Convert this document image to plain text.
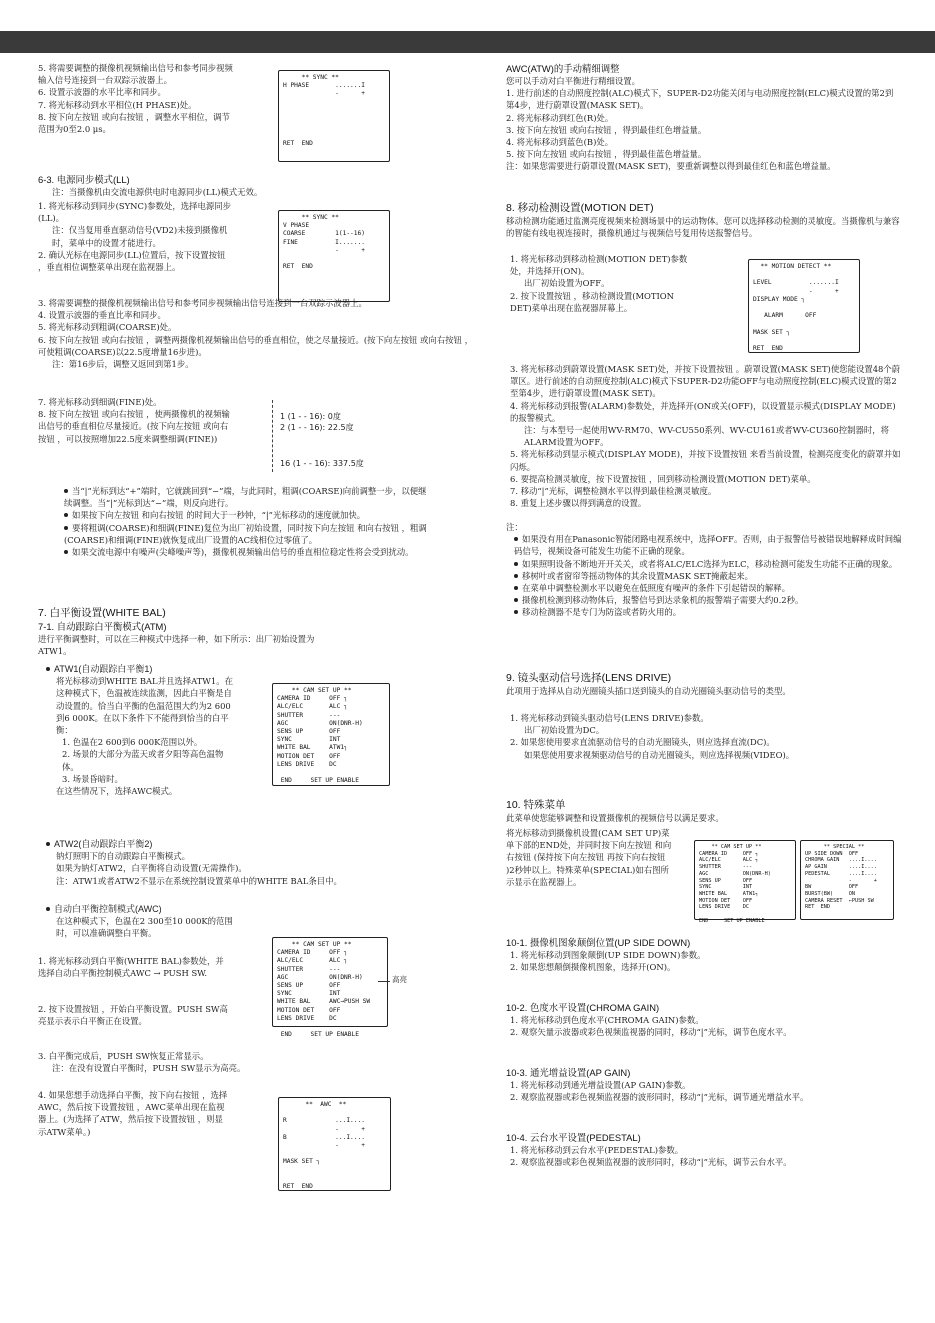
5. 将需要调整的摄像机视频输出信号和参考同步视频输入信号连接到一台双踪示波器上。

6. 设置示波器的水平比率和同步。

7. 将光标移动到水平相位(H PHASE)处。

8. 按下向左按钮 或向右按钮 ，调整水平相位，调节范围为0至2.0 μs。

** SYNC **
H PHASE       .......I
-      +

RET  END

6-3. 电源同步模式(LL)

注：当摄像机由交流电源供电时电源同步(LL)模式无效。

1. 将光标移动到同步(SYNC)参数处，选择电源同步(LL)。

注：仅当复用垂直驱动信号(VD2)未接到摄像机时，菜单中的设置才能进行。

2. 确认光标在电源同步(LL)位置后，按下设置按钮 ，垂直相位调整菜单出现在监视器上。

** SYNC **
V PHASE
COARSE        1(1--16)
FINE          I.......
-      +

RET  END

3. 将需要调整的摄像机视频输出信号和参考同步视频输出信号连接到一台双踪示波器上。

4. 设置示波器的垂直比率和同步。

5. 将光标移动到粗调(COARSE)处。

6. 按下向左按钮 或向右按钮 ，调整两摄像机视频输出信号的垂直相位，使之尽量接近。(按下向左按钮 或向右按钮 ，可使粗调(COARSE)以22.5度增量16步进)。

注：第16步后，调整又返回到第1步。

7. 将光标移动到细调(FINE)处。

8. 按下向左按钮 或向右按钮 ，使两摄像机的视频输出信号的垂直相位尽量接近。(按下向左按钮 或向右按钮 ，可以按照增加22.5度来调整细调(FINE))

1 (1 - - 16): 0度
2 (1 - - 16): 22.5度
16 (1 - - 16): 337.5度

当“|”光标到达“+”端时，它就跳回到“−”端，与此同时，粗调(COARSE)向前调整一步，以便继续调整。当“|”光标到达“−”端，则反向进行。

如果按下向左按钮 和向右按钮 的时间大于一秒钟，“|”光标移动的速度就加快。

要将粗调(COARSE)和细调(FINE)复位为出厂初始设置，同时按下向左按钮 和向右按钮 ，粗调(COARSE)和细调(FINE)就恢复成出厂设置的AC线相位过零值了。

如果交流电源中有噪声(尖峰噪声等)，摄像机视频输出信号的垂直相位稳定性将会受到扰动。

7. 白平衡设置(WHITE BAL)

7-1. 自动跟踪白平衡模式(ATM)

进行平衡调整时，可以在三种模式中选择一种，如下所示：出厂初始设置为ATW1。

ATW1(自动跟踪白平衡1)

将光标移动到WHITE BAL并且选择ATW1。在这种模式下，色温被连续监测，因此白平衡是自动设置的。恰当白平衡的色温范围大约为2 600到6 000K。在以下条件下不能得到恰当的白平衡：

1. 色温在2 600到6 000K范围以外。

2. 场景的大部分为蓝天或者夕阳等高色温物体。

3. 场景昏暗时。

在这些情况下，选择AWC模式。

** CAM SET UP **
CAMERA ID     OFF ┐
ALC/ELC       ALC ┐
SHUTTER       ---
AGC           ON(DNR-H)
SENS UP       OFF
SYNC          INT
WHITE BAL     ATW1┐
MOTION DET    OFF
LENS DRIVE    DC

END     SET UP ENABLE

ATW2(自动跟踪白平衡2)

钠灯照明下的自动跟踪白平衡模式。

如果为钠灯ATW2，白平衡将自动设置(无需操作)。

注：ATW1或者ATW2不显示在系统控制设置菜单中的WHITE BAL条目中。

自动白平衡控制模式(AWC)

在这种模式下，色温在2 300至10 000K的范围时，可以准确调整白平衡。

1. 将光标移动到白平衡(WHITE BAL)参数处，并选择自动白平衡控制模式AWC → PUSH SW.

2. 按下设置按钮 ，开始白平衡设置。PUSH SW高亮显示表示白平衡正在设置。

** CAM SET UP **
CAMERA ID     OFF ┐
ALC/ELC       ALC ┐
SHUTTER       ---
AGC           ON(DNR-H)
SENS UP       OFF
SYNC          INT
WHITE BAL     AWC→PUSH SW
MOTION DET    OFF
LENS DRIVE    DC

END     SET UP ENABLE
高亮

3. 白平衡完成后，PUSH SW恢复正常显示。

注：在没有设置白平衡时，PUSH SW显示为高亮。

4. 如果您想手动选择白平衡，按下向右按钮 ，选择AWC，然后按下设置按钮 ，AWC菜单出现在监视器上。(为选择了ATW，然后按下设置按钮 ，则显示ATW菜单。)

**  AWC  **

R             ...I....
-      +
B             ...I....
-      +

MASK SET ┐

RET  END

AWC(ATW)的手动精细调整

您可以手动对白平衡进行精细设置。

1. 进行前述的自动照度控制(ALC)模式下，SUPER-D2功能关闭与电动照度控制(ELC)模式设置的第2到第4步，进行蔚罩设置(MASK SET)。

2. 将光标移动到红色(R)处。

3. 按下向左按钮 或向右按钮 ，得到最佳红色增益量。

4. 将光标移动到蓝色(B)处。

5. 按下向左按钮 或向右按钮 ，得到最佳蓝色增益量。

注：如果您需要进行蔚罩设置(MASK SET)，要重新调整以得到最佳红色和蓝色增益量。

8. 移动检测设置(MOTION DET)

移动检测功能通过监测亮度视频来检测场景中的运动物体。您可以选择移动检测的灵敏度。当摄像机与兼容的智能有线电视连接时，摄像机通过与视频信号复用传送报警信号。

1. 将光标移动到移动检测(MOTION DET)参数处，并选择开(ON)。

出厂初始设置为OFF。

2. 按下设置按钮 ，移动检测设置(MOTION DET)菜单出现在监视器屏幕上。

** MOTION DETECT **

LEVEL          .......I
-      +
DISPLAY MODE ┐

ALARM      OFF

MASK SET ┐

RET  END

3. 将光标移动到蔚罩设置(MASK SET)处，并按下设置按钮 。蔚罩设置(MASK SET)使您能设置48个蔚罩区。进行前述的自动照度控制(ALC)模式下SUPER-D2功能OFF与电动照度控制(ELC)模式设置的第2至第4步，进行蔚罩设置(MASK SET)。

4. 将光标移动到报警(ALARM)参数处，并选择开(ON或关(OFF)，以设置显示模式(DISPLAY MODE)的报警模式。

注：与本型号一起使用WV-RM70、WV-CU550系列、WV-CU161或者WV-CU360控制器时，将ALARM设置为OFF。

5. 将光标移动到显示模式(DISPLAY MODE)，并按下设置按钮 来看当前设置，检测亮度变化的蔚罩并如闪烁。

6. 要提高检测灵敏度，按下设置按钮 ，回到移动检测设置(MOTION DET)菜单。

7. 移动“|”光标，调整检测水平以得到最佳检测灵敏度。

8. 重复上述步骤以得到满意的设置。

注：

如果没有用在Panasonic智能闭路电视系统中，选择OFF。否则，由于报警信号被错误地解释成时间编码信号，视频设备可能发生功能不正确的现象。

如果照明设备不断地开开关关，或者将ALC/ELC选择为ELC，移动检测可能发生功能不正确的现象。

移树叶或者窗帘等摇动物体的其余设置MASK SET掩蔽起来。

在菜单中调整检测水平以避免在低照度有噪声的条件下引起错误的解释。

摄像机检测到移动物体后，报警信号到达录象机的报警端子需要大约0.2秒。

移动检测器不是专门为防盗或者防火用的。

9. 镜头驱动信号选择(LENS DRIVE)

此项用于选择从自动光圈镜头插口送到镜头的自动光圈镜头驱动信号的类型。

1. 将光标移动到镜头驱动信号(LENS DRIVE)参数。

出厂初始设置为DC。

2. 如果您使用要求直流驱动信号的自动光圈镜头，则应选择直流(DC)。

如果您使用要求视频驱动信号的自动光圈镜头，则应选择视频(VIDEO)。

10. 特殊菜单

此菜单使您能够调整和设置摄像机的视频信号以满足要求。

将光标移动到摄像机设置(CAM SET UP)菜单下部的END处，并同时按下向左按钮 和向右按钮 (保持按下向左按钮 再按下向右按钮 )2秒钟以上。特殊菜单(SPECIAL)如右图所示显示在监视器上。

** CAM SET UP **
CAMERA ID     OFF ┐
ALC/ELC       ALC ┐
SHUTTER       ---
AGC           ON(DNR-H)
SENS UP       OFF
SYNC          INT
WHITE BAL     ATW1┐
MOTION DET    OFF
LENS DRIVE    DC

END     SET UP ENABLE
** SPECIAL **
UP SIDE DOWN  OFF
CHROMA GAIN   ....I....
AP GAIN       ....I....
PEDESTAL      ....I....
-       +
BW            OFF
BURST(BW)     ON
CAMERA RESET  ←PUSH SW
RET  END

10-1. 摄像机图象颠倒位置(UP SIDE DOWN)

1. 将光标移动到图象颠倒(UP SIDE DOWN)参数。

2. 如果您想颠倒摄像机图象，选择开(ON)。

10-2. 色度水平设置(CHROMA GAIN)

1. 将光标移动到色度水平(CHROMA GAIN)参数。

2. 观察矢量示波器或彩色视频监视器的同时，移动“|”光标，调节色度水平。

10-3. 通光增益设置(AP GAIN)

1. 将光标移动到通光增益设置(AP GAIN)参数。

2. 观察监视器或彩色视频监视器的波形同时，移动“|”光标，调节通光增益水平。

10-4. 云台水平设置(PEDESTAL)

1. 将光标移动到云台水平(PEDESTAL)参数。

2. 观察监视器或彩色视频监视器的波形同时，移动“|”光标，调节云台水平。
